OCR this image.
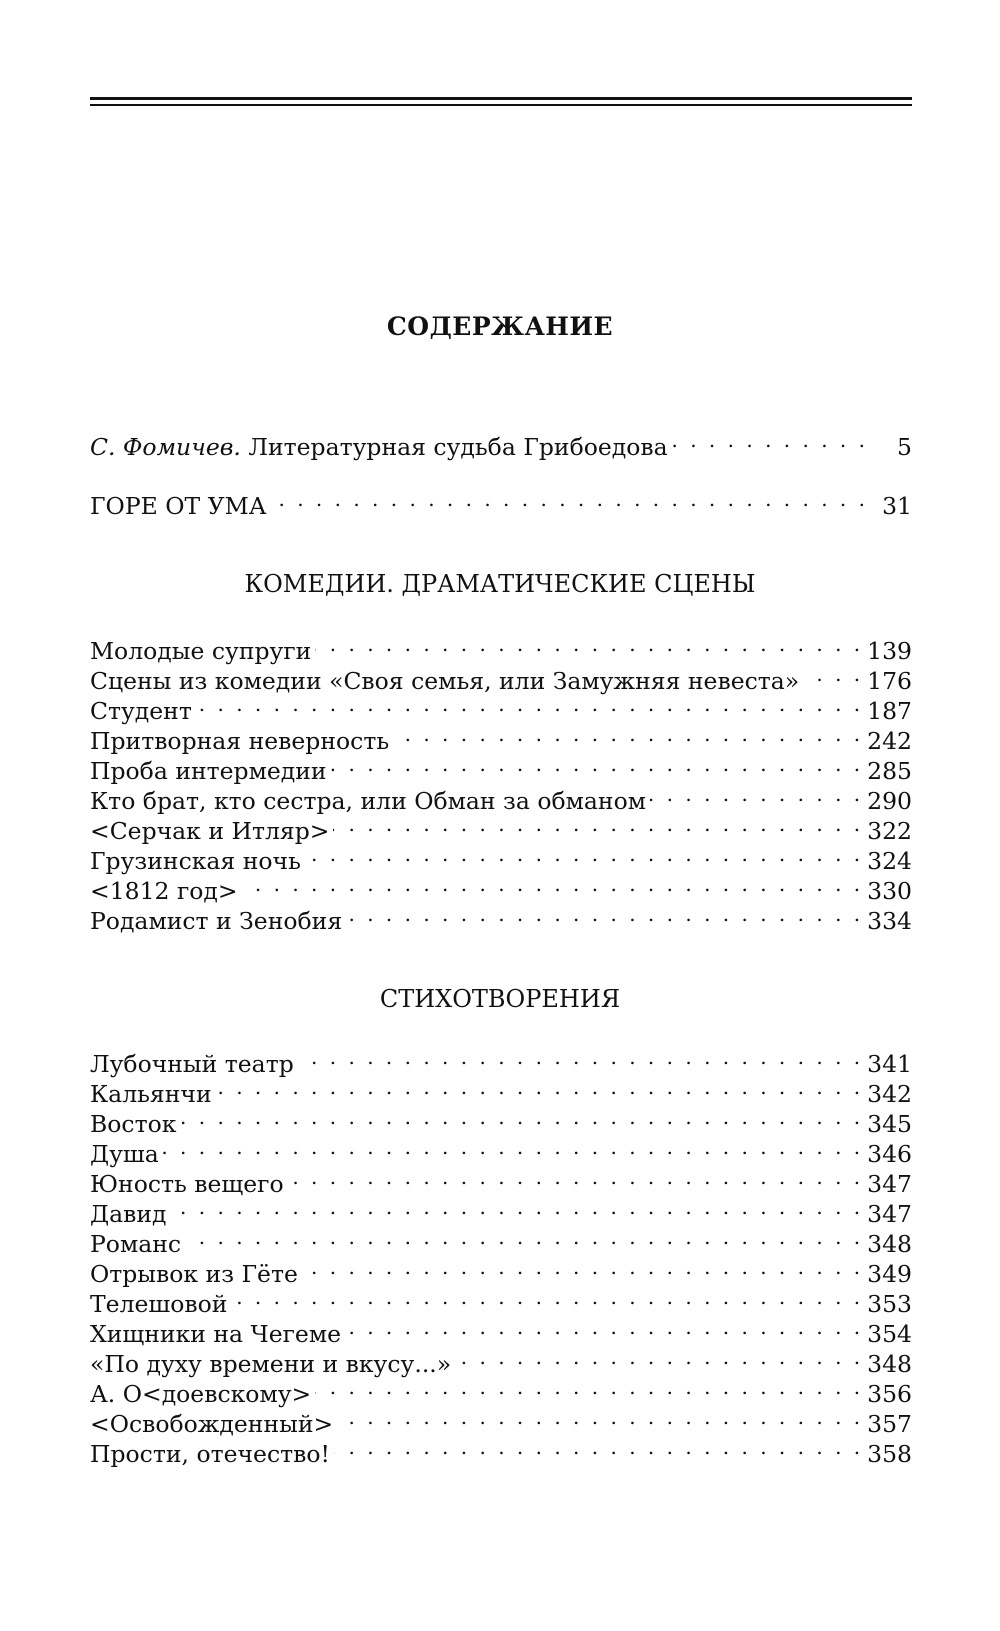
СОДЕРЖАНИЕ
С. Фомичев. Литературная судьба Грибоедова . . .	5
ГОРЕ ОТ УМА . . .	31
КОМЕДИИ. ДРАМАТИЧЕСКИЕ СЦЕНЫ
Молодые супруги . . .	139
Сцены из комедии «Своя семья, или Замужняя невеста» . . .	176
Студент . . .	187
Притворная неверность . . .	242
Проба интермедии . . .	285
Кто брат, кто сестра, или Обман за обманом . . .	290
<Серчак и Итляр> . . .	322
Грузинская ночь . . .	324
<1812 год> . . .	330
Родамист и Зенобия . . .	334
СТИХОТВОРЕНИЯ
Лубочный театр . . .	341
Кальянчи . . .	342
Восток . . .	345
Душа . . .	346
Юность вещего . . .	347
Давид . . .	347
Романс . . .	348
Отрывок из Гёте . . .	349
Телешовой . . .	353
Хищники на Чегеме . . .	354
«По духу времени и вкусу...» . . .	348
А. О<доевскому> . . .	356
<Освобожденный> . . .	357
Прости, отечество! . . .	358
